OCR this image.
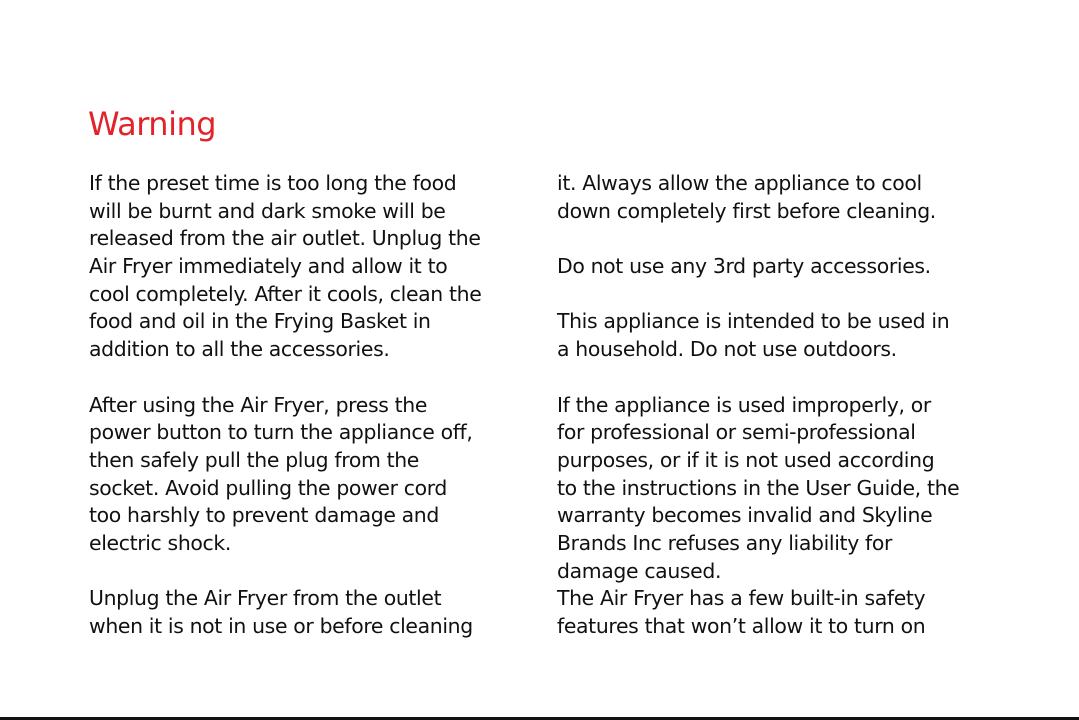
Warning
If the preset time is too long the food
will be burnt and dark smoke will be
released from the air outlet. Unplug the
Air Fryer immediately and allow it to
cool completely. After it cools, clean the
food and oil in the Frying Basket in
addition to all the accessories.
After using the Air Fryer, press the
power button to turn the appliance off,
then safely pull the plug from the
socket. Avoid pulling the power cord
too harshly to prevent damage and
electric shock.
Unplug the Air Fryer from the outlet
when it is not in use or before cleaning
it. Always allow the appliance to cool
down completely first before cleaning.
Do not use any 3rd party accessories.
This appliance is intended to be used in
a household. Do not use outdoors.
If the appliance is used improperly, or
for professional or semi-professional
purposes, or if it is not used according
to the instructions in the User Guide, the
warranty becomes invalid and Skyline
Brands Inc refuses any liability for
damage caused.
The Air Fryer has a few built-in safety
features that won’t allow it to turn on
